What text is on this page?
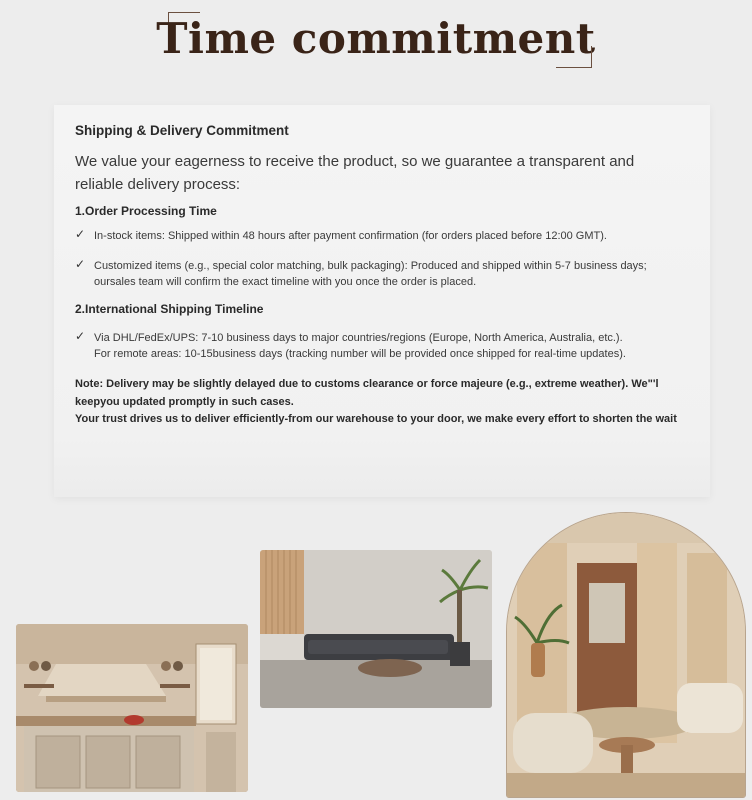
Time commitment
Shipping & Delivery Commitment

We value your eagerness to receive the product, so we guarantee a transparent and reliable delivery process:

1.Order Processing Time
✓ In-stock items: Shipped within 48 hours after payment confirmation (for orders placed before 12:00 GMT).
✓ Customized items (e.g., special color matching, bulk packaging): Produced and shipped within 5-7 business days; oursales team will confirm the exact timeline with you once the order is placed.
2.International Shipping Timeline
✓ Via DHL/FedEx/UPS: 7-10 business days to major countries/regions (Europe, North America, Australia, etc.).
For remote areas: 10-15business days (tracking number will be provided once shipped for real-time updates).

Note: Delivery may be slightly delayed due to customs clearance or force majeure (e.g., extreme weather). We"'l keepyou updated promptly in such cases.
Your trust drives us to deliver efficiently-from our warehouse to your door, we make every effort to shorten the wait
